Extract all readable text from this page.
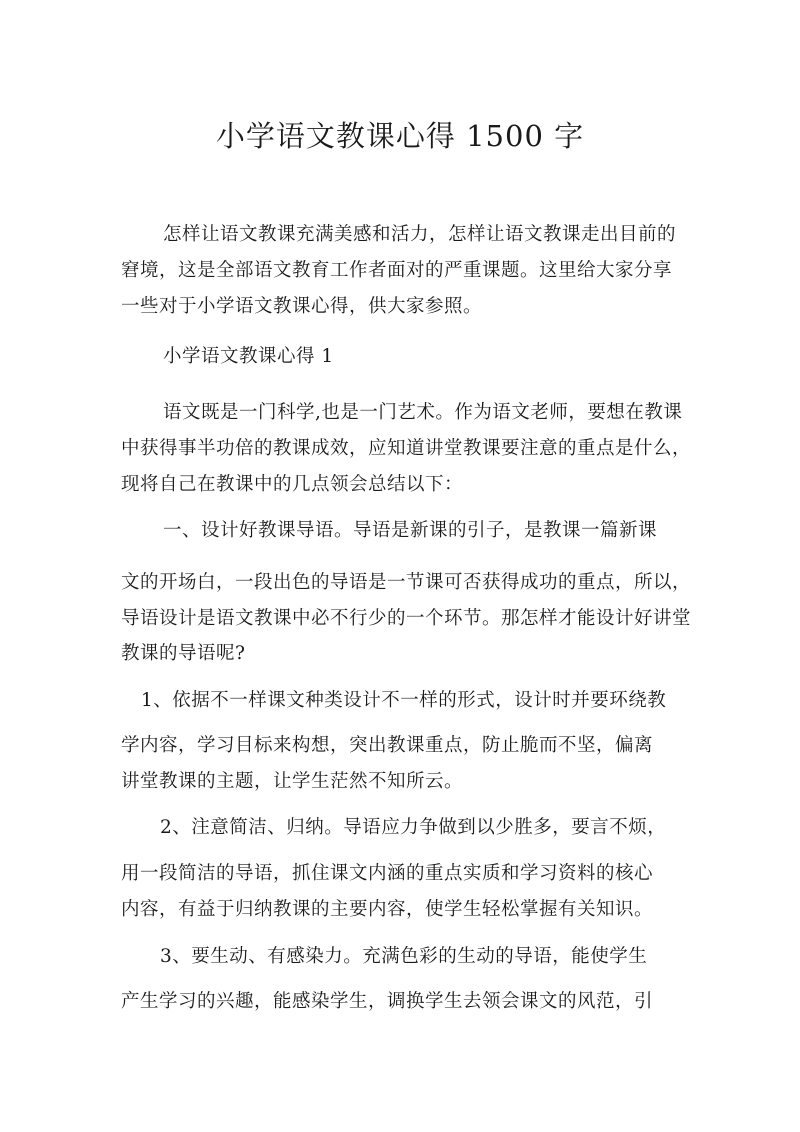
小学语文教课心得 1500 字
怎样让语文教课充满美感和活力，怎样让语文教课走出目前的
窘境，这是全部语文教育工作者面对的严重课题。这里给大家分享
一些对于小学语文教课心得，供大家参照。
小学语文教课心得 1
语文既是一门科学,也是一门艺术。作为语文老师，要想在教课
中获得事半功倍的教课成效，应知道讲堂教课要注意的重点是什么，
现将自己在教课中的几点领会总结以下：
一、设计好教课导语。导语是新课的引子，是教课一篇新课
文的开场白，一段出色的导语是一节课可否获得成功的重点，所以，
导语设计是语文教课中必不行少的一个环节。那怎样才能设计好讲堂
教课的导语呢?
1、依据不一样课文种类设计不一样的形式，设计时并要环绕教
学内容，学习目标来构想，突出教课重点，防止脆而不坚，偏离
讲堂教课的主题，让学生茫然不知所云。
2、注意简洁、归纳。导语应力争做到以少胜多，要言不烦，
用一段简洁的导语，抓住课文内涵的重点实质和学习资料的核心
内容，有益于归纳教课的主要内容，使学生轻松掌握有关知识。
3、要生动、有感染力。充满色彩的生动的导语，能使学生
产生学习的兴趣，能感染学生，调换学生去领会课文的风范，引
